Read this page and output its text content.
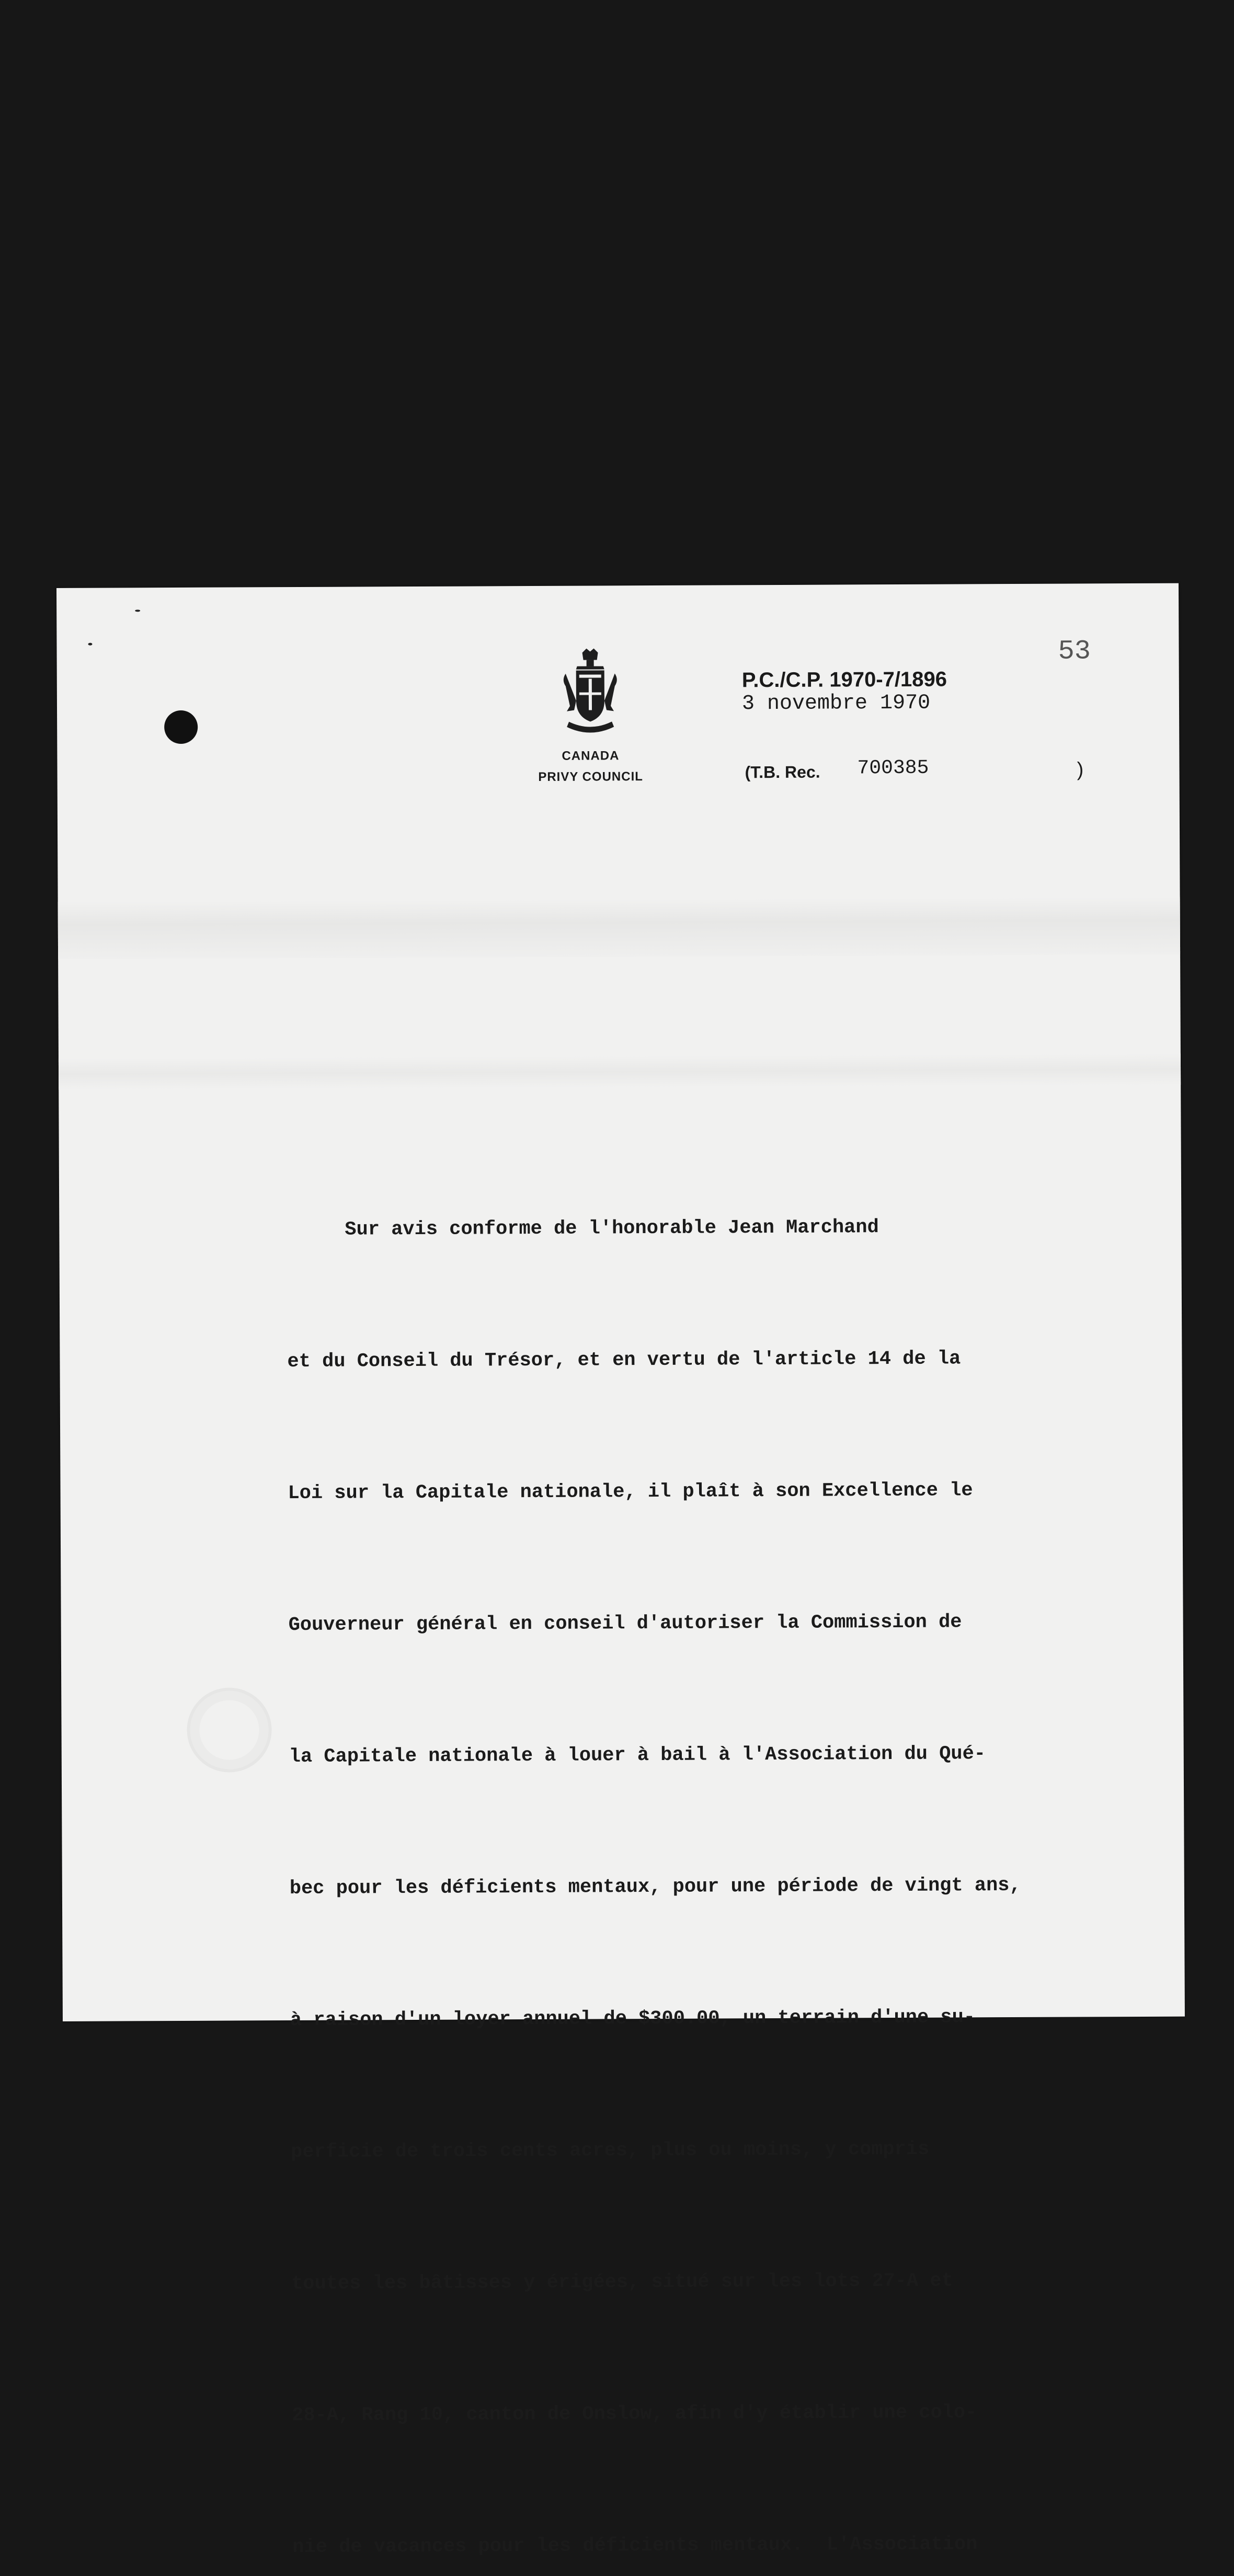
CANADA
PRIVY COUNCIL
P.C./C.P. 1970-7/1896
3 novembre 1970
(T.B. Rec. 700385	)
53

Sur avis conforme de l'honorable Jean Marchand

et du Conseil du Trésor, et en vertu de l'article 14 de la

Loi sur la Capitale nationale, il plaît à son Excellence le

Gouverneur général en conseil d'autoriser la Commission de

la Capitale nationale à louer à bail à l'Association du Qué-

bec pour les déficients mentaux, pour une période de vingt ans,

à raison d'un loyer annuel de $300.00, un terrain d'une su-

perficie de trois cents acres, plus ou moins, y compris

toutes les bâtisses y érigées, situé sur les lots 27-A et

28-A, Rang 10, canton de Onslow, afin d'y établir une colo-

nie de vacances pour les déficients mentaux.  L'Association
